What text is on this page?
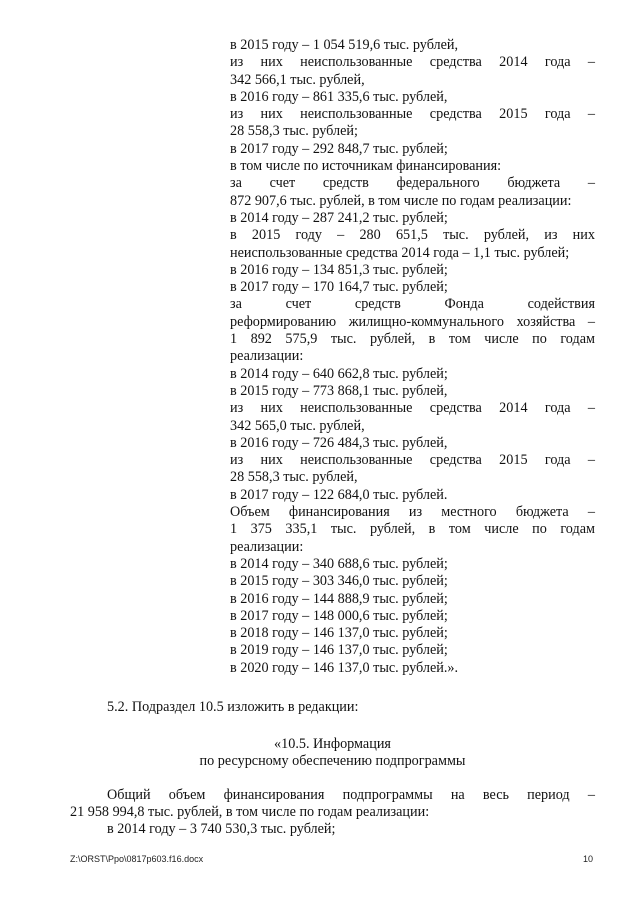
в 2015 году – 1 054 519,6 тыс. рублей,
из них неиспользованные средства 2014 года –
342 566,1 тыс. рублей,
в 2016 году – 861 335,6 тыс. рублей,
из них неиспользованные средства 2015 года –
28 558,3 тыс. рублей;
в 2017 году – 292 848,7 тыс. рублей;
в том числе по источникам финансирования:
за счет средств федерального бюджета –
872 907,6 тыс. рублей, в том числе по годам реализации:
в 2014 году – 287 241,2 тыс. рублей;
в 2015 году – 280 651,5 тыс. рублей, из них
неиспользованные средства 2014 года – 1,1 тыс. рублей;
в 2016 году – 134 851,3 тыс. рублей;
в 2017 году – 170 164,7 тыс. рублей;
за	счет	средств	Фонда	содействия
реформированию жилищно-коммунального хозяйства –
1 892 575,9 тыс. рублей, в том числе по годам
реализации:
в 2014 году – 640 662,8 тыс. рублей;
в 2015 году – 773 868,1 тыс. рублей,
из них неиспользованные средства 2014 года –
342 565,0 тыс. рублей,
в 2016 году – 726 484,3 тыс. рублей,
из них неиспользованные средства 2015 года –
28 558,3 тыс. рублей,
в 2017 году – 122 684,0 тыс. рублей.
Объем финансирования из местного бюджета –
1 375 335,1 тыс. рублей, в том числе по годам
реализации:
в 2014 году – 340 688,6 тыс. рублей;
в 2015 году – 303 346,0 тыс. рублей;
в 2016 году – 144 888,9 тыс. рублей;
в 2017 году – 148 000,6 тыс. рублей;
в 2018 году – 146 137,0 тыс. рублей;
в 2019 году – 146 137,0 тыс. рублей;
в 2020 году – 146 137,0 тыс. рублей.».
5.2. Подраздел 10.5 изложить в редакции:
«10.5. Информация
по ресурсному обеспечению подпрограммы
Общий объем финансирования подпрограммы на весь период –
21 958 994,8 тыс. рублей, в том числе по годам реализации:
в 2014 году – 3 740 530,3 тыс. рублей;
Z:\ORST\Ppo\0817p603.f16.docx	10
